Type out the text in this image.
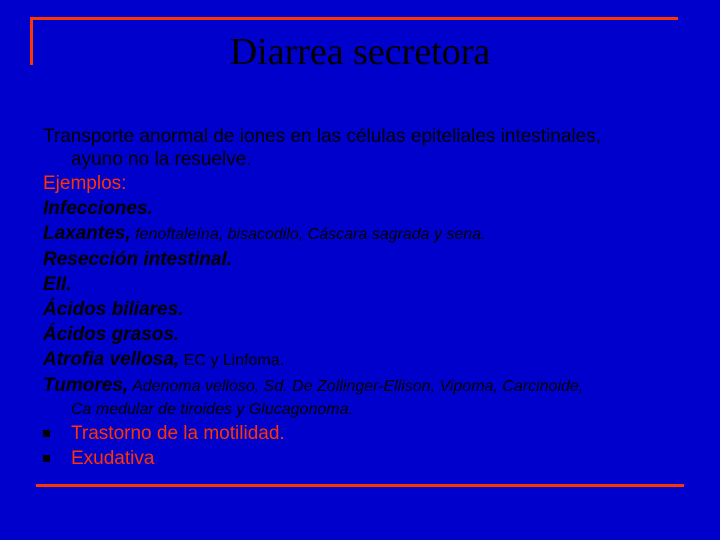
Diarrea secretora
Transporte anormal de iones en las células epiteliales intestinales,
ayuno no la resuelve.
Ejemplos:
Infecciones.
Laxantes, fenoftaleína, bisacodilo, Cáscara sagrada y sena.
Resección intestinal.
EII.
Ácidos biliares.
Ácidos grasos.
Atrofia vellosa, EC y Linfoma.
Tumores, Adenoma velloso, Sd. De Zollinger-Ellison, Vipoma, Carcinoide,
Ca medular de tiroides y Glucagonoma.
Trastorno de la motilidad.
Exudativa
